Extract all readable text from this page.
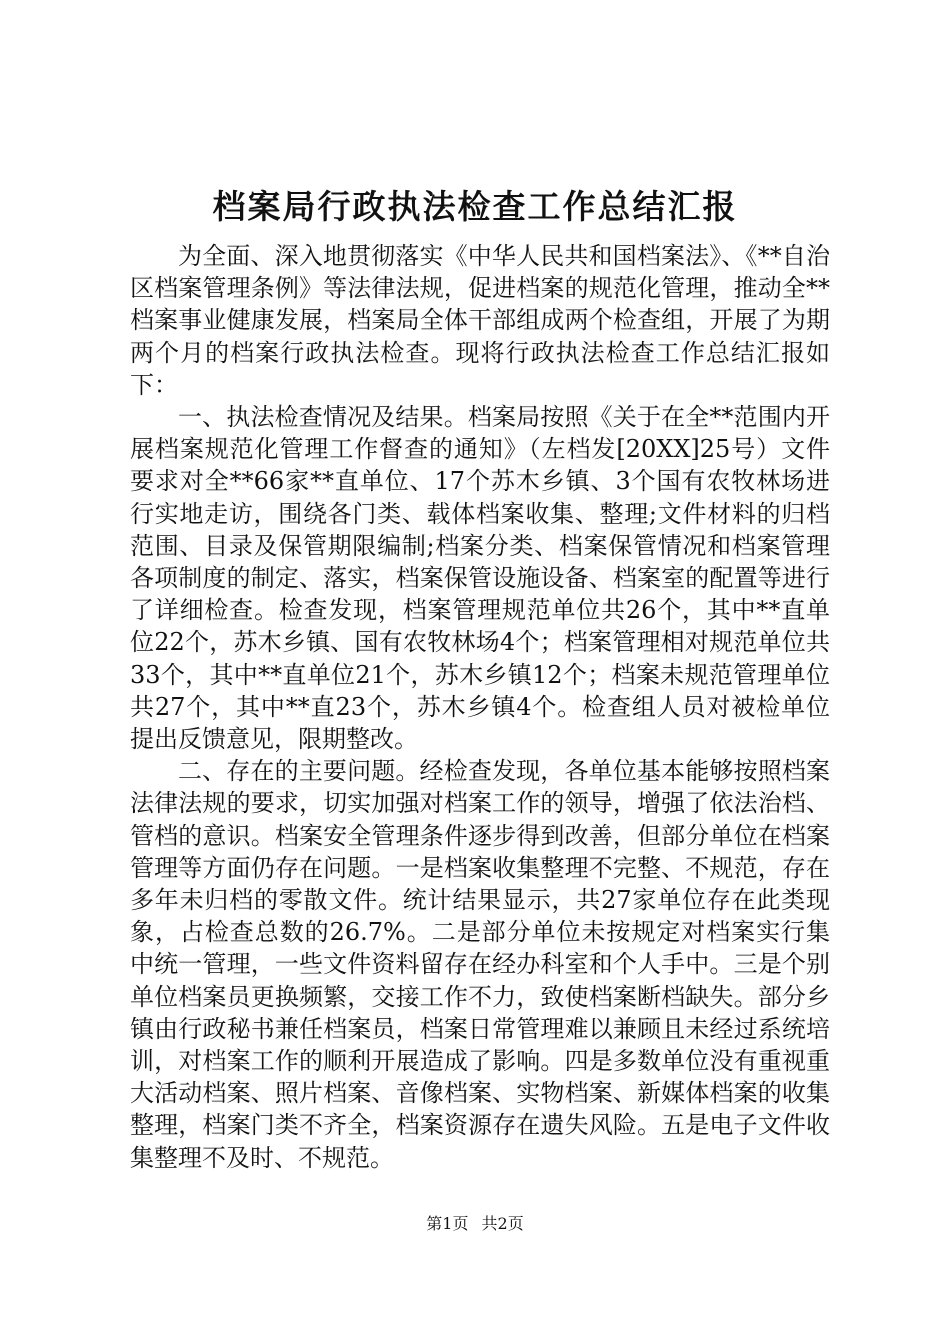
档案局行政执法检查工作总结汇报

为全面、深入地贯彻落实《中华人民共和国档案法》、《**自治区档案管理条例》等法律法规，促进档案的规范化管理，推动全**档案事业健康发展，档案局全体干部组成两个检查组，开展了为期两个月的档案行政执法检查。现将行政执法检查工作总结汇报如下：

一、执法检查情况及结果。档案局按照《关于在全**范围内开展档案规范化管理工作督查的通知》（左档发[20XX]25号）文件要求对全**66家**直单位、17个苏木乡镇、3个国有农牧林场进行实地走访，围绕各门类、载体档案收集、整理;文件材料的归档范围、目录及保管期限编制;档案分类、档案保管情况和档案管理各项制度的制定、落实，档案保管设施设备、档案室的配置等进行了详细检查。检查发现，档案管理规范单位共26个，其中**直单位22个，苏木乡镇、国有农牧林场4个；档案管理相对规范单位共33个，其中**直单位21个，苏木乡镇12个；档案未规范管理单位共27个，其中**直23个，苏木乡镇4个。检查组人员对被检单位提出反馈意见，限期整改。

二、存在的主要问题。经检查发现，各单位基本能够按照档案法律法规的要求，切实加强对档案工作的领导，增强了依法治档、管档的意识。档案安全管理条件逐步得到改善，但部分单位在档案管理等方面仍存在问题。一是档案收集整理不完整、不规范，存在多年未归档的零散文件。统计结果显示，共27家单位存在此类现象，占检查总数的26.7%。二是部分单位未按规定对档案实行集中统一管理，一些文件资料留存在经办科室和个人手中。三是个别单位档案员更换频繁，交接工作不力，致使档案断档缺失。部分乡镇由行政秘书兼任档案员，档案日常管理难以兼顾且未经过系统培训，对档案工作的顺利开展造成了影响。四是多数单位没有重视重大活动档案、照片档案、音像档案、实物档案、新媒体档案的收集整理，档案门类不齐全，档案资源存在遗失风险。五是电子文件收集整理不及时、不规范。

第1页 共2页
